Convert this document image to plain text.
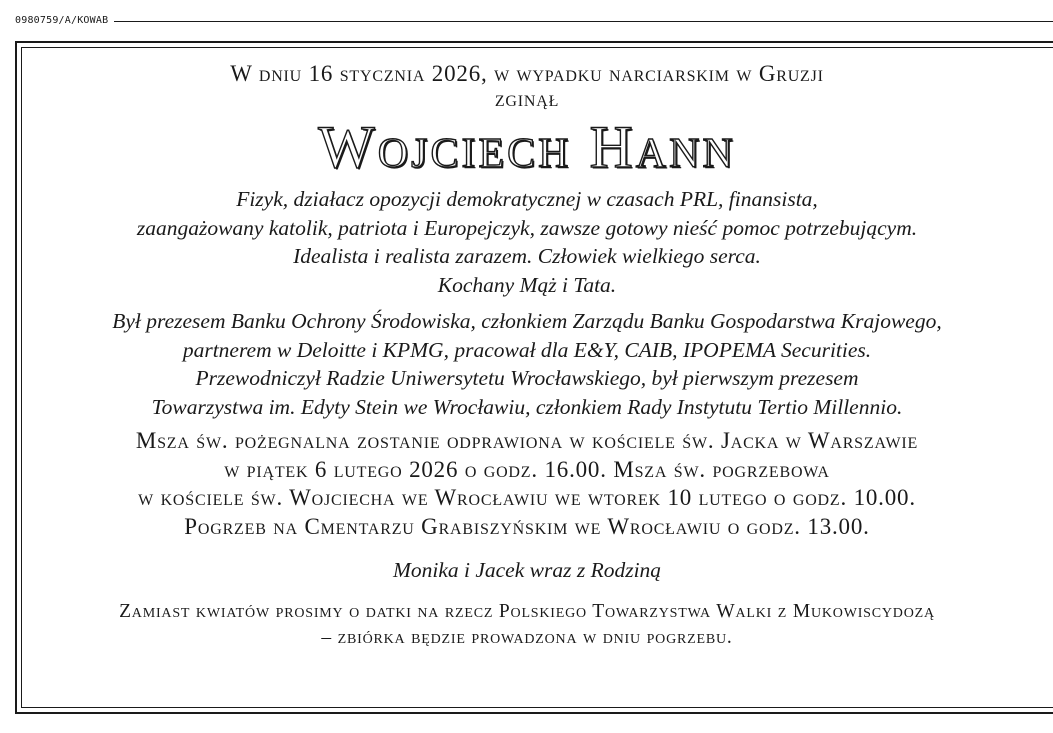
0980759/A/KOWAB
W dniu 16 stycznia 2026, w wypadku narciarskim w Gruzji
zginął
Wojciech Hann
Fizyk, działacz opozycji demokratycznej w czasach PRL, finansista,
zaangażowany katolik, patriota i Europejczyk, zawsze gotowy nieść pomoc potrzebującym.
Idealista i realista zarazem. Człowiek wielkiego serca.
Kochany Mąż i Tata.
Był prezesem Banku Ochrony Środowiska, członkiem Zarządu Banku Gospodarstwa Krajowego,
partnerem w Deloitte i KPMG, pracował dla E&Y, CAIB, IPOPEMA Securities.
Przewodniczył Radzie Uniwersytetu Wrocławskiego, był pierwszym prezesem
Towarzystwa im. Edyty Stein we Wrocławiu, członkiem Rady Instytutu Tertio Millennio.
Msza św. pożegnalna zostanie odprawiona w kościele św. Jacka w Warszawie
w piątek 6 lutego 2026 o godz. 16.00. Msza św. pogrzebowa
w kościele św. Wojciecha we Wrocławiu we wtorek 10 lutego o godz. 10.00.
Pogrzeb na Cmentarzu Grabiszyńskim we Wrocławiu o godz. 13.00.
Monika i Jacek wraz z Rodziną
Zamiast kwiatów prosimy o datki na rzecz Polskiego Towarzystwa Walki z Mukowiscydozą
– zbiórka będzie prowadzona w dniu pogrzebu.
